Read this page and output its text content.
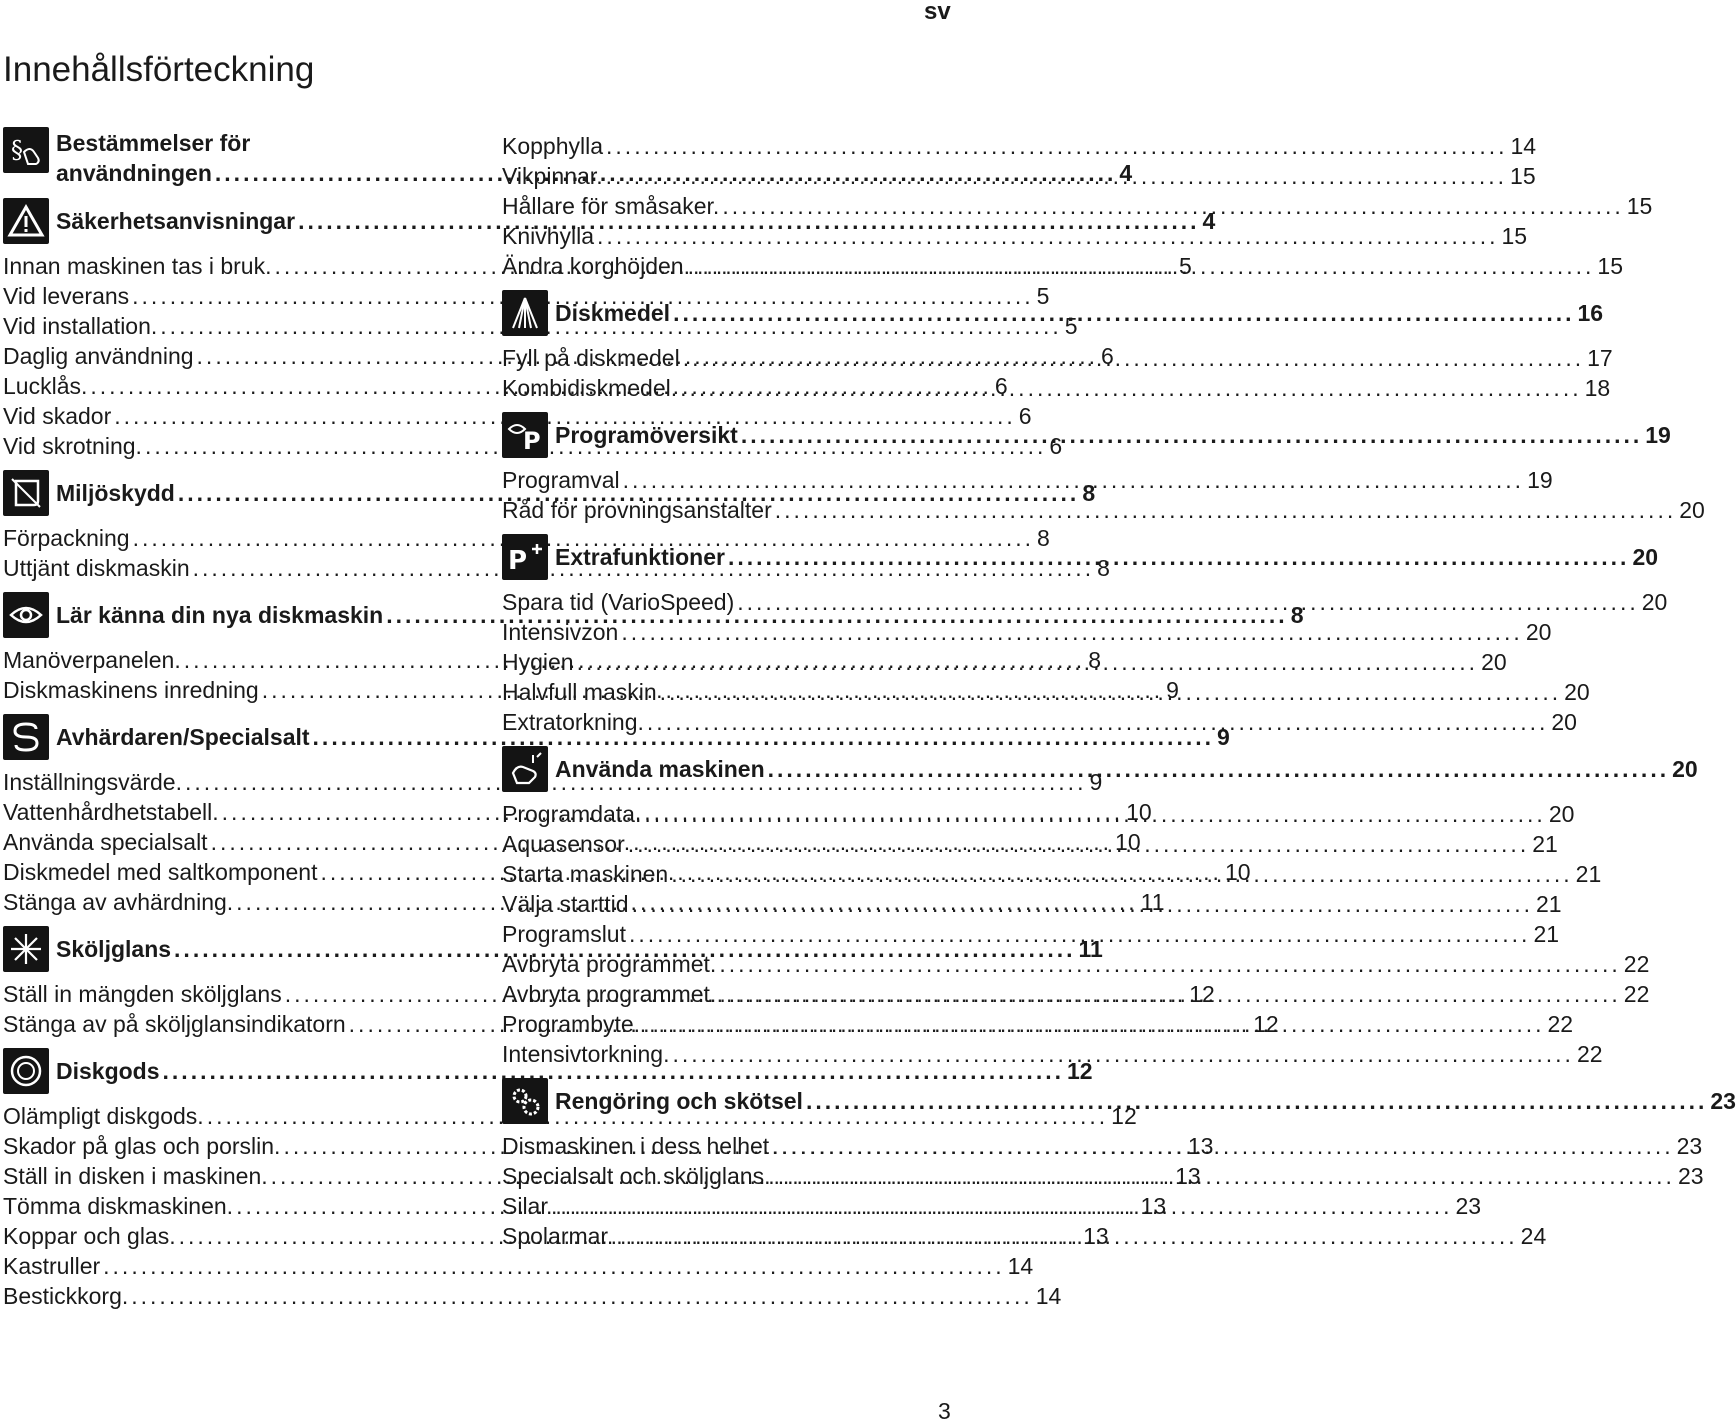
sv
Innehållsförteckning
§ Bestämmelser för
användningen .....	4
Säkerhetsanvisningar .....	4
Innan maskinen tas i bruk. .....	5
Vid leverans .....	5
Vid installation. .....	5
Daglig användning .....	6
Lucklås. .....	6
Vid skador .....	6
Vid skrotning. .....	6
Miljöskydd .....	8
Förpackning .....	8
Uttjänt diskmaskin .....	8
Lär känna din nya diskmaskin .....	8
Manöverpanelen. .....	8
Diskmaskinens inredning .....	9
Avhärdaren/Specialsalt .....	9
Inställningsvärde. .....	9
Vattenhårdhetstabell. .....	10
Använda specialsalt .....	10
Diskmedel med saltkomponent .....	10
Stänga av avhärdning. .....	11
Sköljglans .....	11
Ställ in mängden sköljglans .....	12
Stänga av på sköljglansindikatorn .....	12
Diskgods .....	12
Olämpligt diskgods. .....	12
Skador på glas och porslin. .....	13
Ställ in disken i maskinen. .....	13
Tömma diskmaskinen. .....	13
Koppar och glas. .....	13
Kastruller .....	14
Bestickkorg. .....	14
Kopphylla .....	14
Vikpinnar. .....	15
Hållare för småsaker. .....	15
Knivhylla .....	15
Ändra korghöjden. .....	15
Diskmedel .....	16
Fyll på diskmedel .....	17
Kombidiskmedel. .....	18
P Programöversikt .....	19
Programval .....	19
Råd för provningsanstalter .....	20
P Extrafunktioner .....	20
Spara tid (VarioSpeed) .....	20
Intensivzon .....	20
Hygien .....	20
Halvfull maskin .....	20
Extratorkning. .....	20
Använda maskinen .....	20
Programdata. .....	20
Aquasensor .....	21
Starta maskinen .....	21
Välja starttid .....	21
Programslut .....	21
Avbryta programmet. .....	22
Avbryta programmet. .....	22
Programbyte. .....	22
Intensivtorkning. .....	22
Rengöring och skötsel .....	23
Dismaskinen i dess helhet .....	23
Specialsalt och sköljglans. .....	23
Silar .....	23
Spolarmar. .....	24
3
